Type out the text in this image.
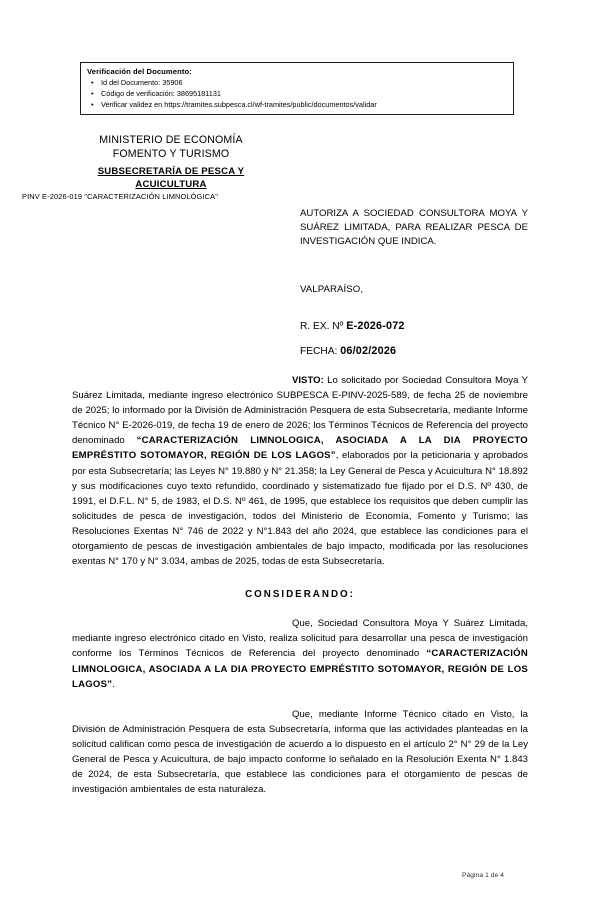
Verificación del Documento:
• Id del Documento: 35906
• Código de verificación: 38695181131
• Verificar validez en https://tramites.subpesca.cl/wf-tramites/public/documentos/validar
MINISTERIO DE ECONOMÍA
FOMENTO Y TURISMO
SUBSECRETARÍA DE PESCA Y
ACUICULTURA
PINV E-2026-019 "CARACTERIZACIÓN LIMNOLÓGICA"
AUTORIZA A SOCIEDAD CONSULTORA MOYA Y SUÁREZ LIMITADA, PARA REALIZAR PESCA DE INVESTIGACIÓN QUE INDICA.
VALPARAÍSO,
R. EX. Nº E-2026-072
FECHA: 06/02/2026

VISTO: Lo solicitado por Sociedad Consultora Moya Y Suárez Limitada, mediante ingreso electrónico SUBPESCA E-PINV-2025-589, de fecha 25 de noviembre de 2025; lo informado por la División de Administración Pesquera de esta Subsecretaría, mediante Informe Técnico N° E-2026-019, de fecha 19 de enero de 2026; los Términos Técnicos de Referencia del proyecto denominado “CARACTERIZACIÓN LIMNOLOGICA, ASOCIADA A LA DIA PROYECTO EMPRÉSTITO SOTOMAYOR, REGIÓN DE LOS LAGOS”, elaborados por la peticionaria y aprobados por esta Subsecretaría; las Leyes N° 19.880 y N° 21.358; la Ley General de Pesca y Acuicultura N° 18.892 y sus modificaciones cuyo texto refundido, coordinado y sistematizado fue fijado por el D.S. Nº 430, de 1991, el D.F.L. N° 5, de 1983, el D.S. Nº 461, de 1995, que establece los requisitos que deben cumplir las solicitudes de pesca de investigación, todos del Ministerio de Economía, Fomento y Turismo; las Resoluciones Exentas N° 746 de 2022 y N°1.843 del año 2024, que establece las condiciones para el otorgamiento de pescas de investigación ambientales de bajo impacto, modificada por las resoluciones exentas N° 170 y N° 3.034, ambas de 2025, todas de esta Subsecretaría.

CONSIDERANDO:

Que, Sociedad Consultora Moya Y Suárez Limitada, mediante ingreso electrónico citado en Visto, realiza solicitud para desarrollar una pesca de investigación conforme los Términos Técnicos de Referencia del proyecto denominado “CARACTERIZACIÓN LIMNOLOGICA, ASOCIADA A LA DIA PROYECTO EMPRÉSTITO SOTOMAYOR, REGIÓN DE LOS LAGOS”.

Que, mediante Informe Técnico citado en Visto, la División de Administración Pesquera de esta Subsecretaría, informa que las actividades planteadas en la solicitud califican como pesca de investigación de acuerdo a lo dispuesto en el artículo 2° N° 29 de la Ley General de Pesca y Acuicultura, de bajo impacto conforme lo señalado en la Resolución Exenta N° 1.843 de 2024, de esta Subsecretaría, que establece las condiciones para el otorgamiento de pescas de investigación ambientales de esta naturaleza.

Página 1 de 4
